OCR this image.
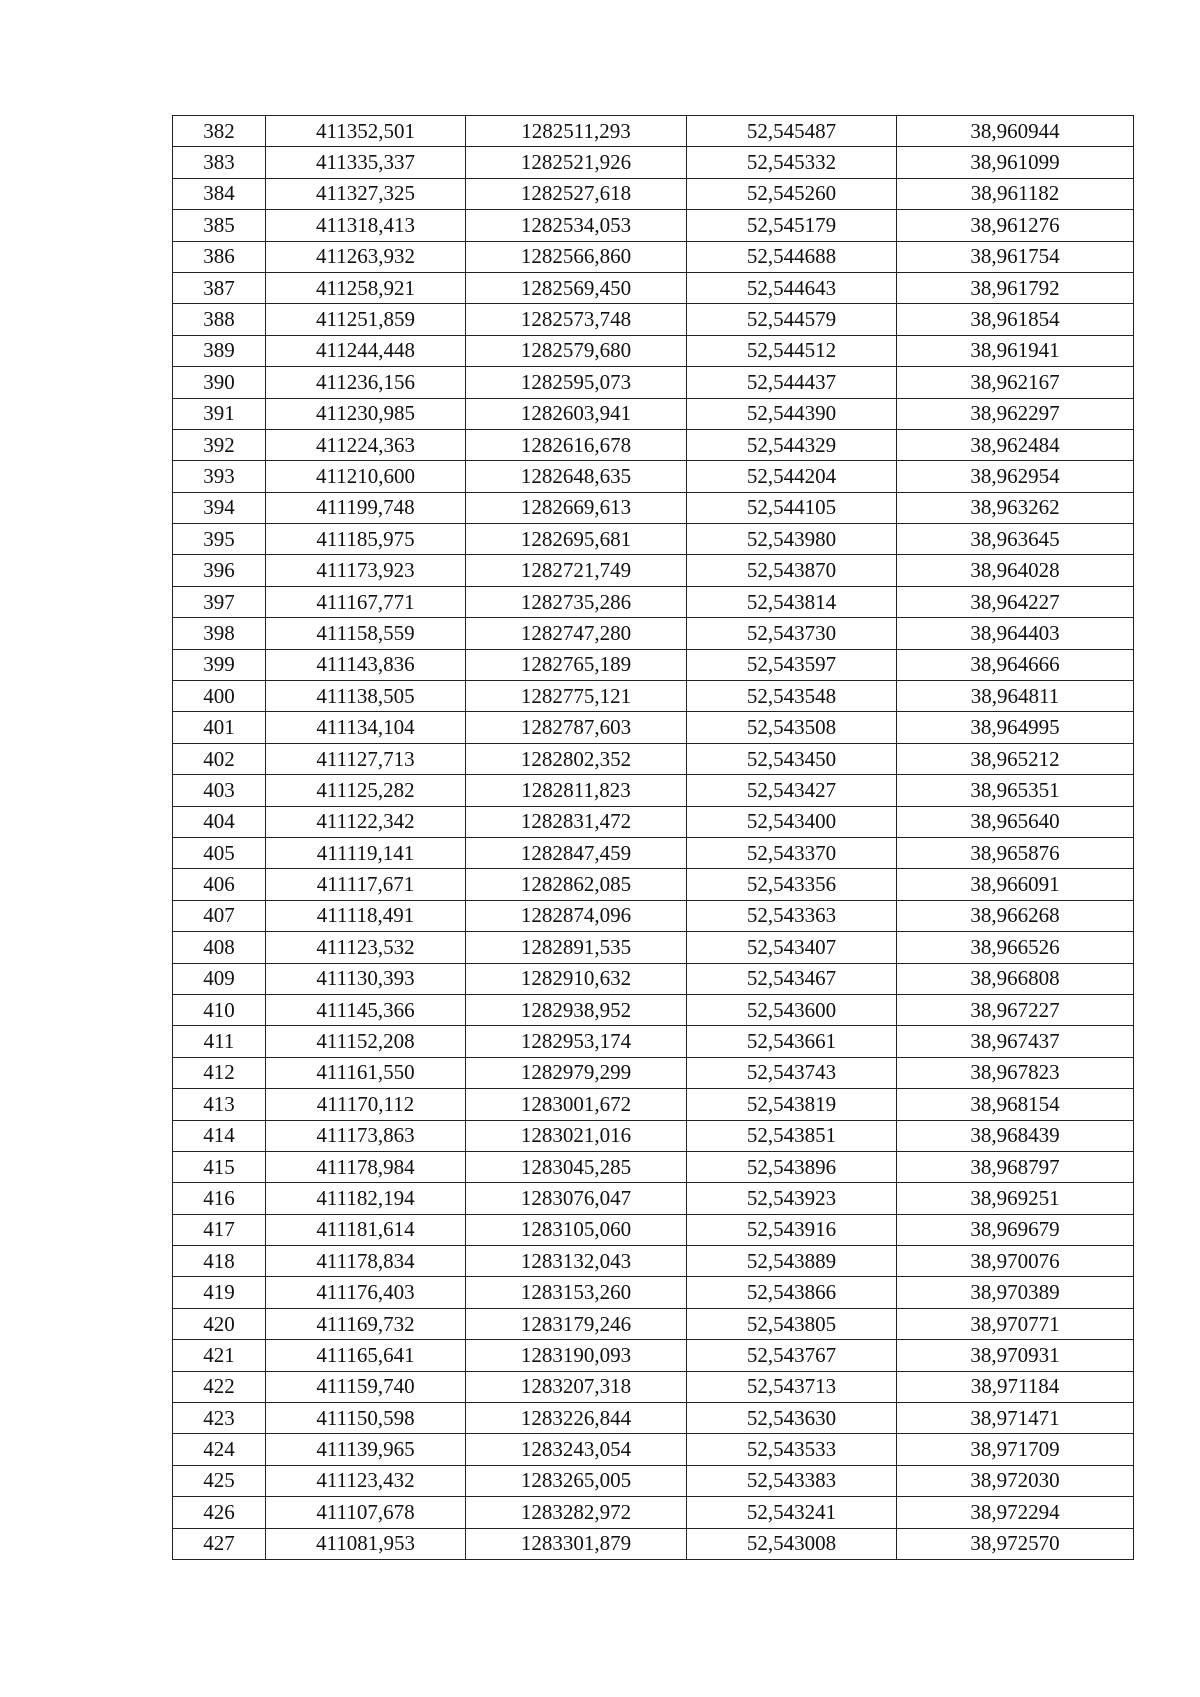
382	411352,501	1282511,293	52,545487	38,960944
383	411335,337	1282521,926	52,545332	38,961099
384	411327,325	1282527,618	52,545260	38,961182
385	411318,413	1282534,053	52,545179	38,961276
386	411263,932	1282566,860	52,544688	38,961754
387	411258,921	1282569,450	52,544643	38,961792
388	411251,859	1282573,748	52,544579	38,961854
389	411244,448	1282579,680	52,544512	38,961941
390	411236,156	1282595,073	52,544437	38,962167
391	411230,985	1282603,941	52,544390	38,962297
392	411224,363	1282616,678	52,544329	38,962484
393	411210,600	1282648,635	52,544204	38,962954
394	411199,748	1282669,613	52,544105	38,963262
395	411185,975	1282695,681	52,543980	38,963645
396	411173,923	1282721,749	52,543870	38,964028
397	411167,771	1282735,286	52,543814	38,964227
398	411158,559	1282747,280	52,543730	38,964403
399	411143,836	1282765,189	52,543597	38,964666
400	411138,505	1282775,121	52,543548	38,964811
401	411134,104	1282787,603	52,543508	38,964995
402	411127,713	1282802,352	52,543450	38,965212
403	411125,282	1282811,823	52,543427	38,965351
404	411122,342	1282831,472	52,543400	38,965640
405	411119,141	1282847,459	52,543370	38,965876
406	411117,671	1282862,085	52,543356	38,966091
407	411118,491	1282874,096	52,543363	38,966268
408	411123,532	1282891,535	52,543407	38,966526
409	411130,393	1282910,632	52,543467	38,966808
410	411145,366	1282938,952	52,543600	38,967227
411	411152,208	1282953,174	52,543661	38,967437
412	411161,550	1282979,299	52,543743	38,967823
413	411170,112	1283001,672	52,543819	38,968154
414	411173,863	1283021,016	52,543851	38,968439
415	411178,984	1283045,285	52,543896	38,968797
416	411182,194	1283076,047	52,543923	38,969251
417	411181,614	1283105,060	52,543916	38,969679
418	411178,834	1283132,043	52,543889	38,970076
419	411176,403	1283153,260	52,543866	38,970389
420	411169,732	1283179,246	52,543805	38,970771
421	411165,641	1283190,093	52,543767	38,970931
422	411159,740	1283207,318	52,543713	38,971184
423	411150,598	1283226,844	52,543630	38,971471
424	411139,965	1283243,054	52,543533	38,971709
425	411123,432	1283265,005	52,543383	38,972030
426	411107,678	1283282,972	52,543241	38,972294
427	411081,953	1283301,879	52,543008	38,972570
